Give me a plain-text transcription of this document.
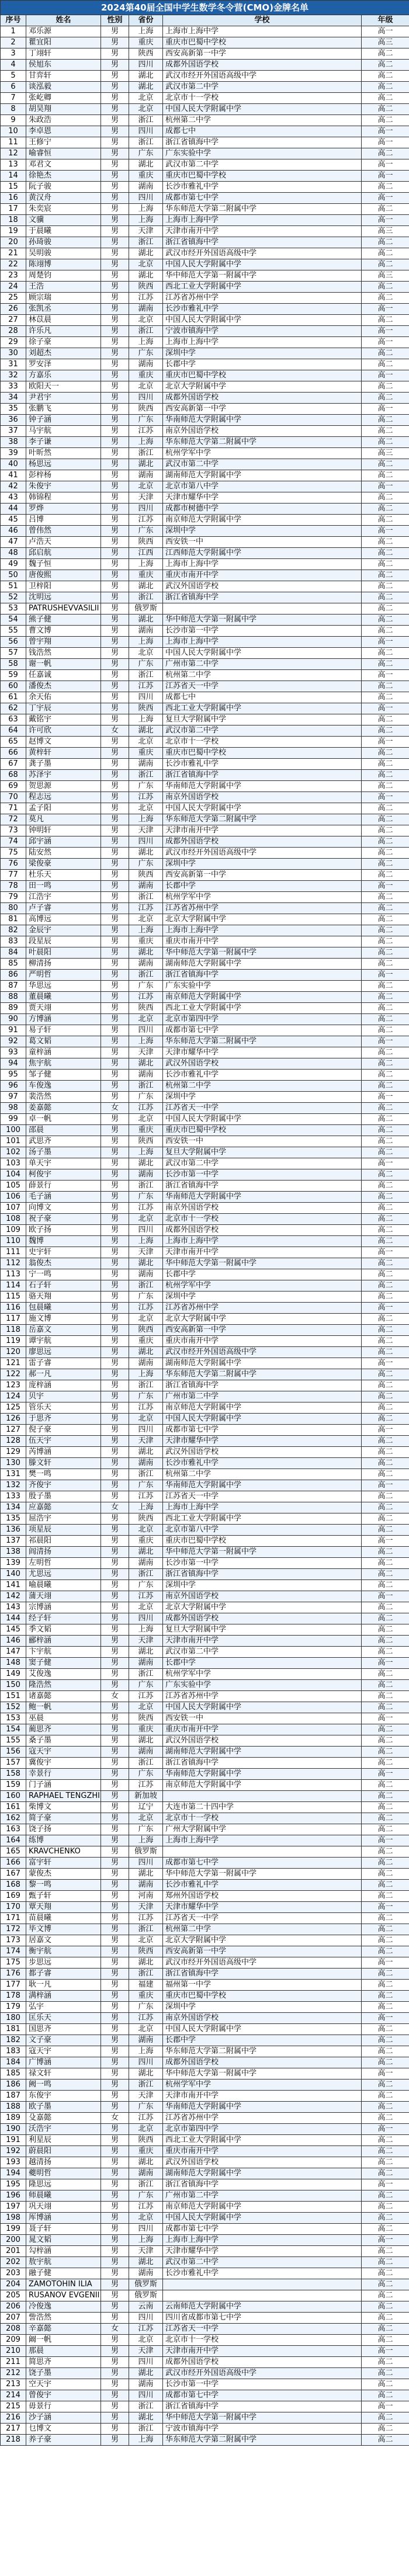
2024第40届全国中学生数学冬令营(CMO)金牌名单					
序号	姓名	性别	省份	学校	年级
1	邓乐源	男	上海	上海市上海中学	高一
2	瞿宜阳	男	重庆	重庆市巴蜀中学校	高三
3	丁翊轩	男	陕西	西安高新第一中学	高二
4	侯旭东	男	四川	成都外国语学校	高二
5	甘弈轩	男	湖北	武汉市经开外国语高级中学	高二
6	谈泓毅	男	湖北	武汉市第二中学	高二
7	张屹卿	男	北京	北京市十一学校	高二
8	胡昊翔	男	北京	中国人民大学附属中学	高二
9	朱政浩	男	浙江	杭州第二中学	高二
10	李卓恩	男	四川	成都七中	高一
11	王修宁	男	浙江	浙江省镇海中学	高一
12	喻睿恒	男	广东	广东实验中学	高二
13	邓君文	男	湖北	武汉市第二中学	高一
14	徐艳杰	男	重庆	重庆市巴蜀中学校	高一
15	阮子骏	男	湖南	长沙市雅礼中学	高二
16	黄汉舟	男	四川	成都市第七中学	高一
17	朱奕宸	男	上海	华东师范大学第二附属中学	高二
18	文骥	男	上海	上海市上海中学	高一
19	于晨曦	男	天津	天津市南开中学	高三
20	孙琦骏	男	浙江	浙江省镇海中学	高二
21	吴明骏	男	湖北	武汉市经开外国语高级中学	高二
22	陈翊博	男	北京	中国人民大学附属中学	高二
23	周楚钧	男	湖北	华中师范大学第一附属中学	高三
24	王浩	男	陕西	西北工业大学附属中学	高二
25	顾宗瑞	男	江苏	江苏省苏州中学	高二
26	张凯丞	男	湖南	长沙市雅礼中学	高一
27	林苡晨	男	北京	中国人民大学附属中学	高二
28	许乐凡	男	浙江	宁波市镇海中学	高一
29	徐子豪	男	上海	上海市上海中学	高一
30	刘超杰	男	广东	深圳中学	高二
31	罗安泽	男	湖南	长郡中学	高二
32	方嘉乐	男	重庆	重庆市巴蜀中学校	高一
33	欧阳天一	男	北京	北京大学附属中学	高二
34	尹君宇	男	四川	成都外国语学校	高二
35	张鹏飞	男	陕西	西安高新第一中学	高一
36	钟子涵	男	广东	华南师范大学附属中学	高二
37	马宇航	男	江苏	南京外国语学校	高二
38	李子谦	男	上海	华东师范大学第二附属中学	高二
39	叶昕然	男	浙江	杭州学军中学	高三
40	杨思远	男	湖北	武汉市第二中学	高二
41	彭梓杨	男	湖南	湖南师范大学附属中学	高二
42	朱俊宇	男	北京	北京市第八中学	高一
43	韩锦程	男	天津	天津市耀华中学	高二
44	罗烨	男	四川	成都市树德中学	高二
45	吕博	男	江苏	南京师范大学附属中学	高二
46	曾伟然	男	广东	深圳中学	高一
47	卢浩天	男	陕西	西安铁一中	高二
48	邱启航	男	江西	江西师范大学附属中学	高二
49	魏子恒	男	上海	上海市上海中学	高二
50	唐俊熙	男	重庆	重庆市南开中学	高二
51	卫梓阳	男	湖北	武汉外国语学校	高二
52	沈明远	男	浙江	浙江省镇海中学	高二
53	PATRUSHEVVASILII	男	俄罗斯		高二
54	熊子健	男	湖北	华中师范大学第一附属中学	高二
55	曹文博	男	湖南	长沙市第一中学	高二
56	曾宇翔	男	上海	上海市上海中学	高一
57	钱浩然	男	北京	中国人民大学附属中学	高二
58	谢一帆	男	广东	广州市第二中学	高二
59	任嘉诚	男	浙江	杭州第二中学	高一
60	潘俊杰	男	江苏	江苏省天一中学	高二
61	余天佑	男	四川	成都七中	高二
62	丁宇辰	男	陕西	西北工业大学附属中学	高一
63	戴铭宇	男	上海	复旦大学附属中学	高二
64	许可欣	女	湖北	武汉市第二中学	高二
65	赵博文	男	北京	北京市十一学校	高一
66	黄梓轩	男	重庆	重庆市巴蜀中学校	高二
67	龚子墨	男	湖南	长沙市雅礼中学	高二
68	苏泽宇	男	浙江	浙江省镇海中学	高二
69	贺思源	男	广东	华南师范大学附属中学	高二
70	程志远	男	江苏	南京外国语学校	高一
71	孟子阳	男	北京	中国人民大学附属中学	高二
72	莫凡	男	上海	华东师范大学第二附属中学	高二
73	钟明轩	男	天津	天津市南开中学	高二
74	邱宇涵	男	四川	成都外国语学校	高二
75	陆安然	男	湖北	武汉市经开外国语高级中学	高二
76	梁俊豪	男	广东	深圳中学	高二
77	杜乐天	男	陕西	西安高新第一中学	高二
78	田一鸣	男	湖南	长郡中学	高一
79	江浩宇	男	浙江	杭州学军中学	高二
80	卢子睿	男	江苏	江苏省苏州中学	高二
81	高博远	男	北京	北京大学附属中学	高二
82	金辰宇	男	上海	上海市上海中学	高二
83	段星辰	男	重庆	重庆市南开中学	高二
84	叶晨阳	男	湖北	华中师范大学第一附属中学	高二
85	柳清扬	男	湖南	湖南师范大学附属中学	高二
86	严明哲	男	浙江	浙江省镇海中学	高一
87	华思远	男	广东	广东实验中学	高二
88	董晨曦	男	江苏	南京师范大学附属中学	高二
89	贾天翊	男	陕西	西北工业大学附属中学	高二
90	方博涵	男	北京	北京市第四中学	高二
91	易子轩	男	四川	成都市第七中学	高二
92	葛文韬	男	上海	华东师范大学第二附属中学	高一
93	童梓涵	男	天津	天津市耀华中学	高二
94	焦宇航	男	湖北	武汉外国语学校	高二
95	邹子健	男	湖南	长沙市雅礼中学	高二
96	车俊逸	男	浙江	杭州第二中学	高二
97	裴浩然	男	广东	深圳中学	高一
98	姜嘉懿	女	江苏	江苏省天一中学	高二
99	卓一帆	男	北京	中国人民大学附属中学	高二
100	邵晨	男	重庆	重庆市巴蜀中学校	高二
101	武思齐	男	陕西	西安铁一中	高二
102	汤子墨	男	上海	复旦大学附属中学	高二
103	单天宇	男	湖北	武汉市第二中学	高一
104	柯俊宇	男	湖南	长沙市第一中学	高二
105	薛景行	男	浙江	浙江省镇海中学	高二
106	毛子涵	男	广东	华南师范大学附属中学	高二
107	向博文	男	江苏	南京外国语学校	高二
108	祝子豪	男	北京	北京市十一学校	高二
109	欧子扬	男	四川	成都外国语学校	高二
110	魏博	男	上海	上海市上海中学	高二
111	史宇轩	男	天津	天津市南开中学	高一
112	翁俊杰	男	湖北	华中师范大学第一附属中学	高二
113	宁一鸣	男	湖南	长郡中学	高二
114	石子轩	男	浙江	杭州学军中学	高二
115	骆天翔	男	广东	深圳中学	高二
116	包晨曦	男	江苏	江苏省苏州中学	高一
117	施文博	男	北京	北京大学附属中学	高二
118	岳嘉文	男	陕西	西安高新第一中学	高二
119	谭宇航	男	重庆	重庆市南开中学	高二
120	廖思远	男	湖北	武汉市经开外国语高级中学	高二
121	雷子睿	男	湖南	湖南师范大学附属中学	高一
122	郝一凡	男	上海	华东师范大学第二附属中学	高二
123	庞梓涵	男	浙江	浙江省镇海中学	高二
124	贝宇	男	广东	广州市第二中学	高二
125	管乐天	男	江苏	南京师范大学附属中学	高二
126	于思齐	男	北京	中国人民大学附属中学	高二
127	倪子豪	男	四川	成都市第七中学	高一
128	伍天宇	男	天津	天津市耀华中学	高二
129	芮博涵	男	湖北	武汉外国语学校	高二
130	滕文轩	男	湖南	长沙市雅礼中学	高二
131	樊一鸣	男	浙江	杭州第二中学	高二
132	齐俊宇	男	广东	华南师范大学附属中学	高一
133	殷子墨	男	江苏	江苏省天一中学	高二
134	应嘉懿	女	上海	上海市上海中学	高二
135	屈浩宇	男	陕西	西北工业大学附属中学	高二
136	项星辰	男	北京	北京市第八中学	高二
137	祁晨阳	男	重庆	重庆市巴蜀中学校	高一
138	阎清扬	男	湖北	华中师范大学第一附属中学	高二
139	左明哲	男	湖南	长沙市第一中学	高二
140	尤思远	男	浙江	浙江省镇海中学	高二
141	喻晨曦	男	广东	深圳中学	高二
142	蒲天翊	男	江苏	南京外国语学校	高一
143	宗博涵	男	北京	北京大学附属中学	高二
144	经子轩	男	四川	成都外国语学校	高二
145	季文韬	男	上海	复旦大学附属中学	高二
146	郦梓涵	男	天津	天津市南开中学	高二
147	卞宇航	男	湖北	武汉市第二中学	高二
148	窦子健	男	湖南	长郡中学	高一
149	艾俊逸	男	浙江	杭州学军中学	高二
150	隆浩然	男	广东	广东实验中学	高二
151	诸嘉懿	女	江苏	江苏省苏州中学	高二
152	鲍一帆	男	北京	中国人民大学附属中学	高二
153	巫晨	男	陕西	西安铁一中	高一
154	蔺思齐	男	重庆	重庆市南开中学	高二
155	桑子墨	男	湖北	武汉外国语学校	高二
156	寇天宇	男	湖南	湖南师范大学附属中学	高二
157	冀俊宇	男	浙江	浙江省镇海中学	高二
158	幸景行	男	广东	华南师范大学附属中学	高一
159	门子涵	男	江苏	南京师范大学附属中学	高二
160	RAPHAEL TENGZHI	男	新加坡		高二
161	柴博文	男	辽宁	大连市第二十四中学	高二
162	简子豪	男	北京	北京市十一学校	高二
163	饶子扬	男	广东	广州大学附属中学	高二
164	练博	男	上海	上海市上海中学	高一
165	KRAVCHENKO	男	俄罗斯		高二
166	富宇轩	男	四川	成都市第七中学	高二
167	蒙俊杰	男	湖北	华中师范大学第一附属中学	高二
168	黎一鸣	男	湖南	长沙市雅礼中学	高二
169	甄子轩	男	河南	郑州外国语学校	高二
170	覃天翔	男	天津	天津市耀华中学	高一
171	苗晨曦	男	江苏	江苏省天一中学	高二
172	毕文博	男	浙江	杭州第二中学	高二
173	居嘉文	男	北京	北京大学附属中学	高二
174	衡宇航	男	陕西	西安高新第一中学	高二
175	步思远	男	湖北	武汉市经开外国语高级中学	高一
176	都子睿	男	浙江	浙江省镇海中学	高二
177	耿一凡	男	福建	福州第一中学	高二
178	满梓涵	男	重庆	重庆市巴蜀中学校	高二
179	弘宇	男	广东	深圳中学	高二
180	匡乐天	男	江苏	南京外国语学校	高一
181	国思齐	男	北京	中国人民大学附属中学	高二
182	文子豪	男	湖南	长郡中学	高二
183	寇天宇	男	上海	华东师范大学第二附属中学	高二
184	广博涵	男	四川	成都外国语学校	高二
185	禄文轩	男	湖北	华中师范大学第一附属中学	高一
186	阙一鸣	男	浙江	杭州学军中学	高二
187	东俊宇	男	天津	天津市南开中学	高二
188	欧子墨	男	广东	华南师范大学附属中学	高二
189	殳嘉懿	女	江苏	江苏省苏州中学	高二
190	沃浩宇	男	北京	北京市第四中学	高一
191	利星辰	男	陕西	西北工业大学附属中学	高二
192	蔚晨阳	男	重庆	重庆市南开中学	高二
193	越清扬	男	湖北	武汉外国语学校	高二
194	夔明哲	男	湖南	湖南师范大学附属中学	高二
195	隆思远	男	浙江	浙江省镇海中学	高一
196	师晨曦	男	广东	广州市第二中学	高二
197	巩天翊	男	江苏	南京师范大学附属中学	高二
198	厍博涵	男	北京	中国人民大学附属中学	高二
199	聂子轩	男	四川	成都市第七中学	高二
200	晁文韬	男	上海	上海市上海中学	高一
201	勾梓涵	男	天津	天津市耀华中学	高二
202	敖宇航	男	湖北	武汉市第二中学	高二
203	融子健	男	湖南	长沙市雅礼中学	高二
204	ZAMOTOHIN ILIA	男	俄罗斯		高二
205	RUSANOV EVGENII	男	俄罗斯		高二
206	冷俊逸	男	云南	云南师范大学附属中学	高二
207	訾浩然	男	四川	四川省成都市第七中学	高二
208	辛嘉懿	女	江苏	江苏省天一中学	高二
209	阚一帆	男	北京	北京市十一学校	高二
210	那晨	男	天津	天津市南开中学	高一
211	简思齐	男	四川	成都外国语学校	高二
212	饶子墨	男	湖北	武汉市经开外国语高级中学	高二
213	空天宇	男	湖南	长沙市第一中学	高二
214	曾俊宇	男	四川	成都市第七中学	高二
215	毋景行	男	浙江	浙江省镇海中学	高一
216	沙子涵	男	湖北	华中师范大学第一附属中学	高二
217	乜博文	男	浙江	宁波市镇海中学	高二
218	养子豪	男	上海	华东师范大学第二附属中学	高二
